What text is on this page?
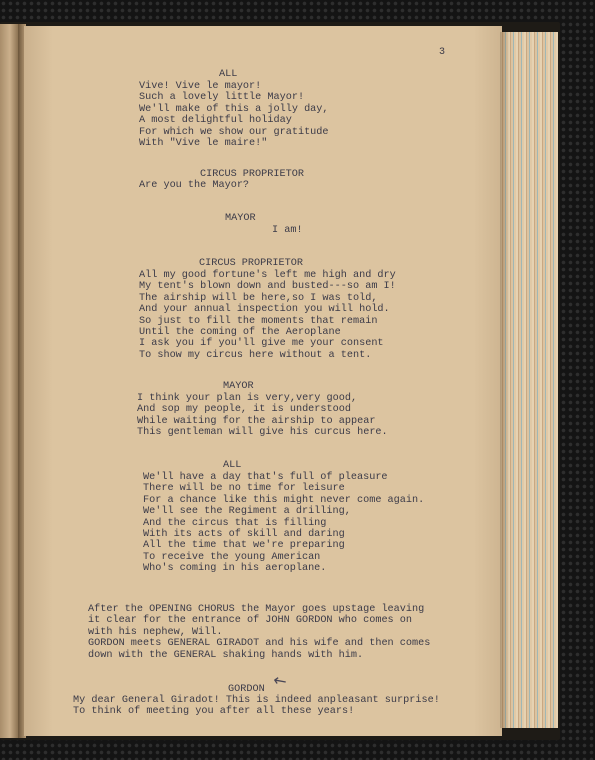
3
ALL
Vive! Vive le mayor!
Such a lovely little Mayor!
We'll make of this a jolly day,
A most delightful holiday
For which we show our gratitude
With "Vive le maire!"
CIRCUS PROPRIETOR
Are you the Mayor?
MAYOR
I am!
CIRCUS PROPRIETOR
All my good fortune's left me high and dry
My tent's blown down and busted---so am I!
The airship will be here,so I was told,
And your annual inspection you will hold.
So just to fill the moments that remain
Until the coming of the Aeroplane
I ask you if you'll give me your consent
To show my circus here without a tent.
MAYOR
I think your plan is very,very good,
And sop my people, it is understood
While waiting for the airship to appear
This gentleman will give his curcus here.
ALL
We'll have a day that's full of pleasure
There will be no time for leisure
For a chance like this might never come again.
We'll see the Regiment a drilling,
And the circus that is filling
With its acts of skill and daring
All the time that we're preparing
To receive the young American
Who's coming in his aeroplane.
After the OPENING CHORUS the Mayor goes upstage leaving
it clear for the entrance of JOHN GORDON who comes on
with his nephew, Will.
GORDON meets GENERAL GIRADOT and his wife and then comes
down with the GENERAL shaking hands with him.
GORDON
My dear General Giradot! This is indeed anpleasant surprise!
To think of meeting you after all these years!
↖
